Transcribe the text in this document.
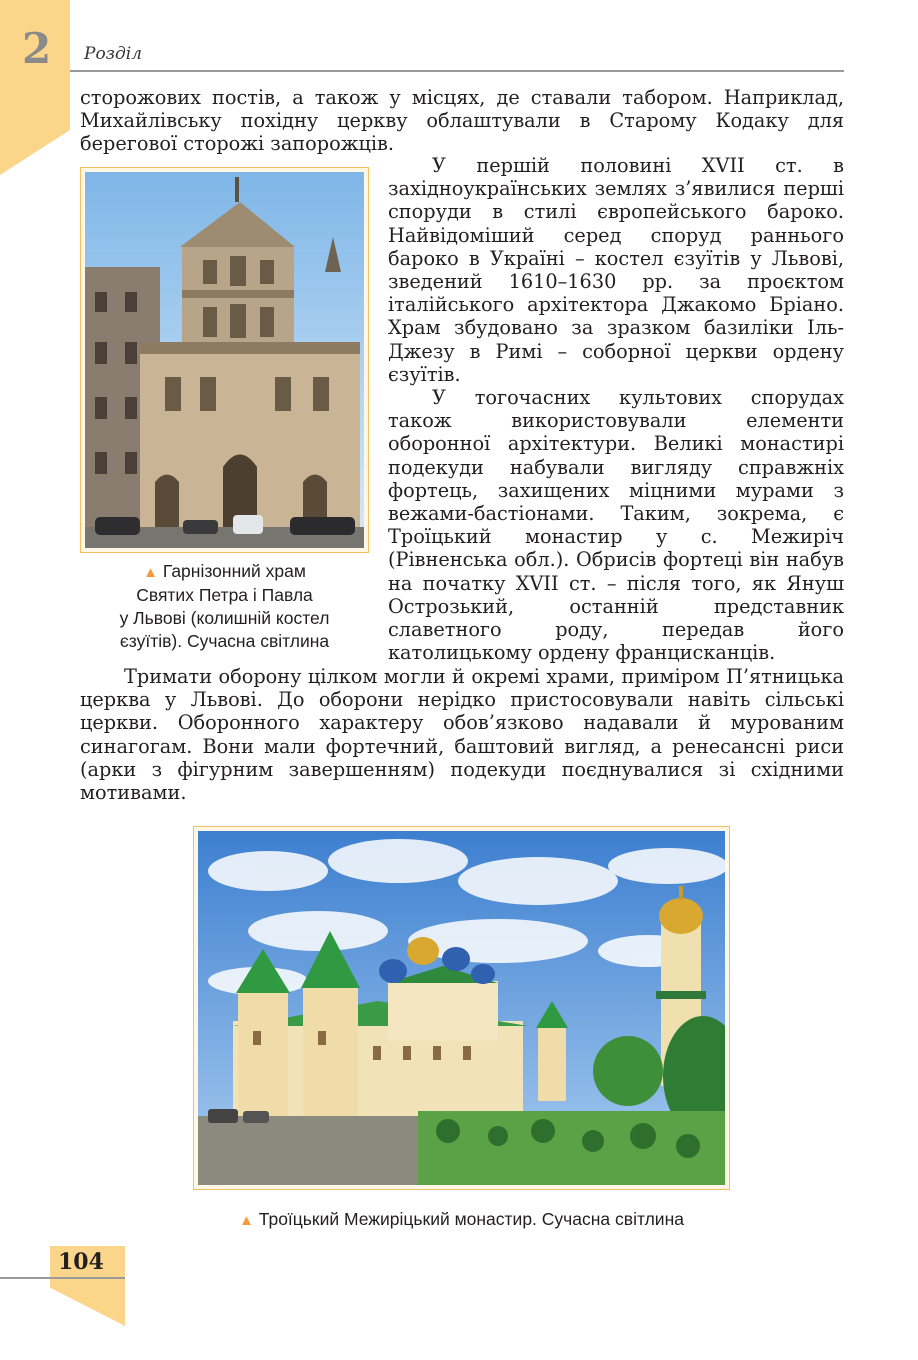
2 Розділ

сторожових постів, а також у місцях, де ставали табором. Наприклад, Михайлівську похідну церкву облаштували в Старому Кодаку для берегової сторожі запорожців.

У першій половині XVII ст. в західноукраїнських землях з’явилися перші споруди в стилі європейського бароко. Найвідоміший серед споруд раннього бароко в Україні – костел єзуїтів у Львові, зведений 1610–1630 рр. за проєктом італійського архітектора Джакомо Бріано. Храм збудовано за зразком базиліки Іль-Джезу в Римі – соборної церкви ордену єзуїтів.

У тогочасних культових спорудах також використовували елементи оборонної архітектури. Великі монастирі подекуди набували вигляду справжніх фортець, захищених міцними мурами з вежами-бастіонами. Таким, зокрема, є Троїцький монастир у с. Межиріч (Рівненська обл.). Обрисів фортеці він набув на початку XVII ст. – після того, як Януш Острозький, останній представник славетного роду, передав його католицькому ордену францисканців.

▲ Гарнізонний храм
Святих Петра і Павла
у Львові (колишній костел
єзуїтів). Сучасна світлина

Тримати оборону цілком могли й окремі храми, приміром П’ятницька церква у Львові. До оборони нерідко пристосовували навіть сільські церкви. Оборонного характеру обов’язково надавали й мурованим синагогам. Вони мали фортечний, баштовий вигляд, а ренесансні риси (арки з фігурним завершенням) подекуди поєднувалися зі східними мотивами.

▲ Троїцький Межиріцький монастир. Сучасна світлина
104
